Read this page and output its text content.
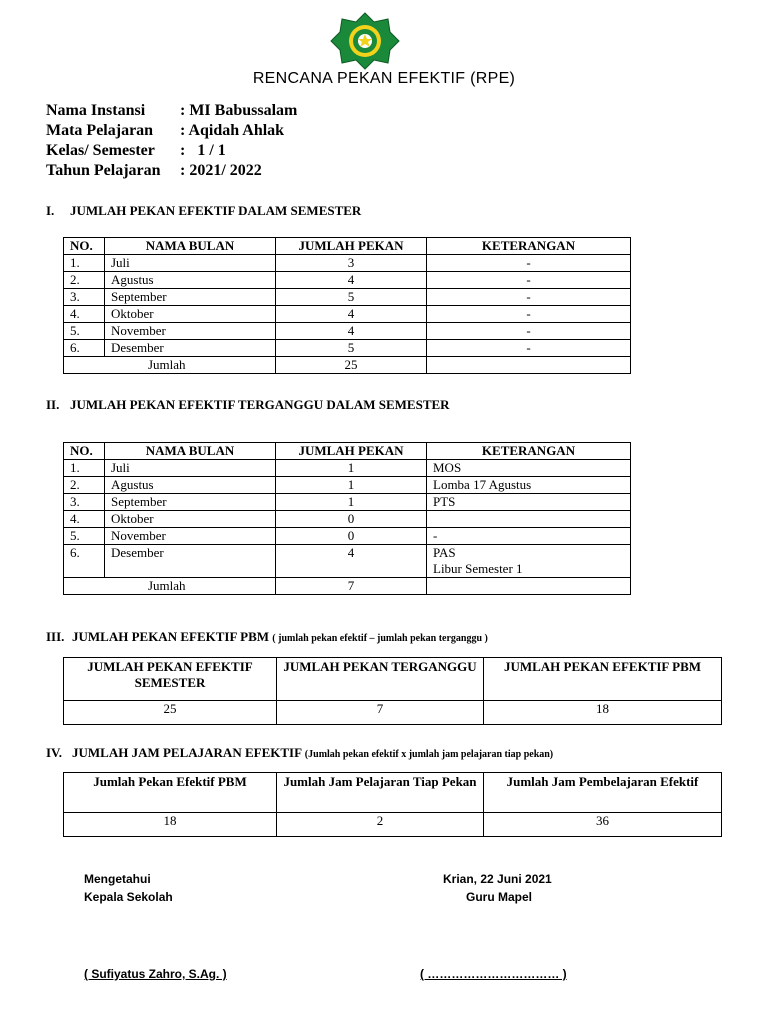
RENCANA PEKAN EFEKTIF (RPE)
Nama Instansi : MI Babussalam
Mata Pelajaran : Aqidah Ahlak
Kelas/ Semester :   1 / 1
Tahun Pelajaran : 2021/ 2022
I. JUMLAH PEKAN EFEKTIF DALAM SEMESTER
NO.	NAMA BULAN	JUMLAH PEKAN	KETERANGAN
1.	Juli	3	-
2.	Agustus	4	-
3.	September	5	-
4.	Oktober	4	-
5.	November	4	-
6.	Desember	5	-
Jumlah		25	
II. JUMLAH PEKAN EFEKTIF TERGANGGU DALAM SEMESTER
NO.	NAMA BULAN	JUMLAH PEKAN	KETERANGAN
1.	Juli	1	MOS
2.	Agustus	1	Lomba 17 Agustus
3.	September	1	PTS
4.	Oktober	0	
5.	November	0	-
6.	Desember	4	PAS
Libur Semester 1

Jumlah		7	
III. JUMLAH PEKAN EFEKTIF PBM ( jumlah pekan efektif – jumlah pekan terganggu )
JUMLAH PEKAN EFEKTIF SEMESTER	JUMLAH PEKAN TERGANGGU	JUMLAH PEKAN EFEKTIF PBM
25	7	18
IV. JUMLAH JAM PELAJARAN EFEKTIF (Jumlah pekan efektif x jumlah jam pelajaran tiap pekan)
Jumlah Pekan Efektif PBM	Jumlah Jam Pelajaran Tiap Pekan	Jumlah Jam Pembelajaran Efektif
18	2	36
Mengetahui
Kepala Sekolah
( Sufiyatus Zahro, S.Ag. )
Krian, 22 Juni 2021
Guru Mapel
( …………………………… )
